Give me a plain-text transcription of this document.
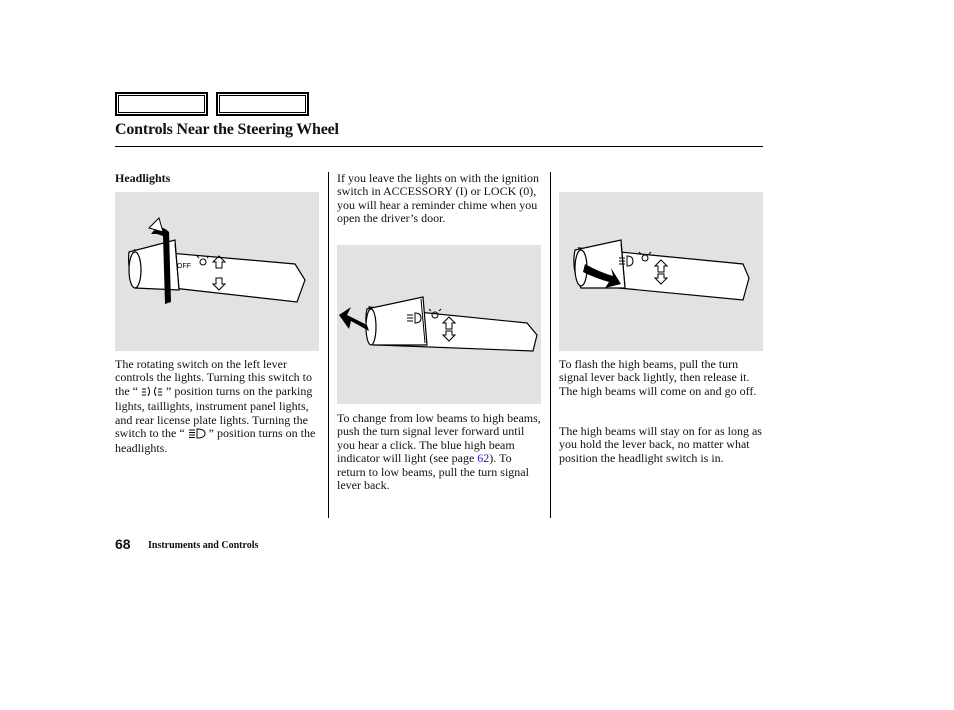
Controls Near the Steering Wheel
Headlights
OFF
The rotating switch on the left lever controls the lights. Turning this switch to the “ ” position turns on the parking lights, taillights, instrument panel lights, and rear license plate lights. Turning the switch to the “ ” position turns on the headlights.
If you leave the lights on with the ignition switch in ACCESSORY (I) or LOCK (0), you will hear a reminder chime when you open the driver’s door.
To change from low beams to high beams, push the turn signal lever forward until you hear a click. The blue high beam indicator will light (see page 62). To return to low beams, pull the turn signal lever back.
To flash the high beams, pull the turn signal lever back lightly, then release it. The high beams will come on and go off.
The high beams will stay on for as long as you hold the lever back, no matter what position the headlight switch is in.
68 Instruments and Controls
